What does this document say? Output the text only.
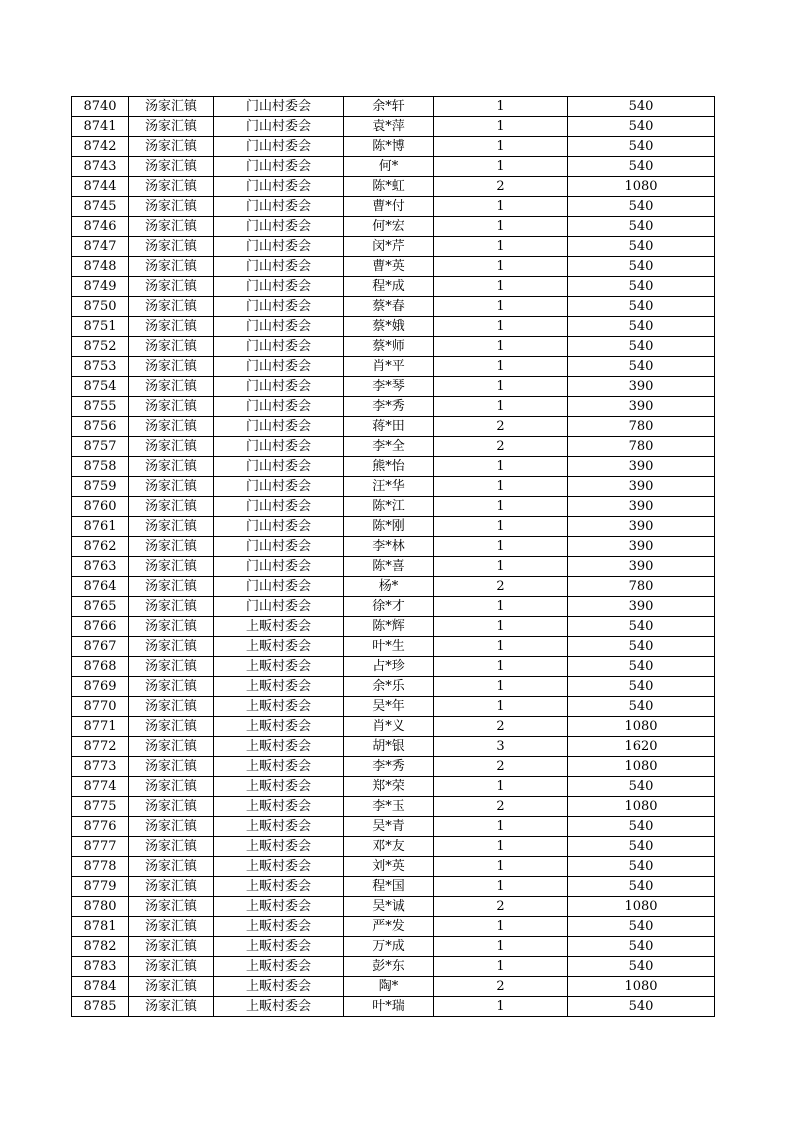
8740	汤家汇镇	门山村委会	余*轩	1	540
8741	汤家汇镇	门山村委会	袁*萍	1	540
8742	汤家汇镇	门山村委会	陈*博	1	540
8743	汤家汇镇	门山村委会	何*	1	540
8744	汤家汇镇	门山村委会	陈*虹	2	1080
8745	汤家汇镇	门山村委会	曹*付	1	540
8746	汤家汇镇	门山村委会	何*宏	1	540
8747	汤家汇镇	门山村委会	闵*芹	1	540
8748	汤家汇镇	门山村委会	曹*英	1	540
8749	汤家汇镇	门山村委会	程*成	1	540
8750	汤家汇镇	门山村委会	蔡*春	1	540
8751	汤家汇镇	门山村委会	蔡*娥	1	540
8752	汤家汇镇	门山村委会	蔡*师	1	540
8753	汤家汇镇	门山村委会	肖*平	1	540
8754	汤家汇镇	门山村委会	李*琴	1	390
8755	汤家汇镇	门山村委会	李*秀	1	390
8756	汤家汇镇	门山村委会	蒋*田	2	780
8757	汤家汇镇	门山村委会	李*全	2	780
8758	汤家汇镇	门山村委会	熊*怡	1	390
8759	汤家汇镇	门山村委会	汪*华	1	390
8760	汤家汇镇	门山村委会	陈*江	1	390
8761	汤家汇镇	门山村委会	陈*刚	1	390
8762	汤家汇镇	门山村委会	李*林	1	390
8763	汤家汇镇	门山村委会	陈*喜	1	390
8764	汤家汇镇	门山村委会	杨*	2	780
8765	汤家汇镇	门山村委会	徐*才	1	390
8766	汤家汇镇	上畈村委会	陈*辉	1	540
8767	汤家汇镇	上畈村委会	叶*生	1	540
8768	汤家汇镇	上畈村委会	占*珍	1	540
8769	汤家汇镇	上畈村委会	余*乐	1	540
8770	汤家汇镇	上畈村委会	吴*年	1	540
8771	汤家汇镇	上畈村委会	肖*义	2	1080
8772	汤家汇镇	上畈村委会	胡*银	3	1620
8773	汤家汇镇	上畈村委会	李*秀	2	1080
8774	汤家汇镇	上畈村委会	郑*荣	1	540
8775	汤家汇镇	上畈村委会	李*玉	2	1080
8776	汤家汇镇	上畈村委会	吴*青	1	540
8777	汤家汇镇	上畈村委会	邓*友	1	540
8778	汤家汇镇	上畈村委会	刘*英	1	540
8779	汤家汇镇	上畈村委会	程*国	1	540
8780	汤家汇镇	上畈村委会	吴*诚	2	1080
8781	汤家汇镇	上畈村委会	严*发	1	540
8782	汤家汇镇	上畈村委会	万*成	1	540
8783	汤家汇镇	上畈村委会	彭*东	1	540
8784	汤家汇镇	上畈村委会	陶*	2	1080
8785	汤家汇镇	上畈村委会	叶*瑞	1	540
